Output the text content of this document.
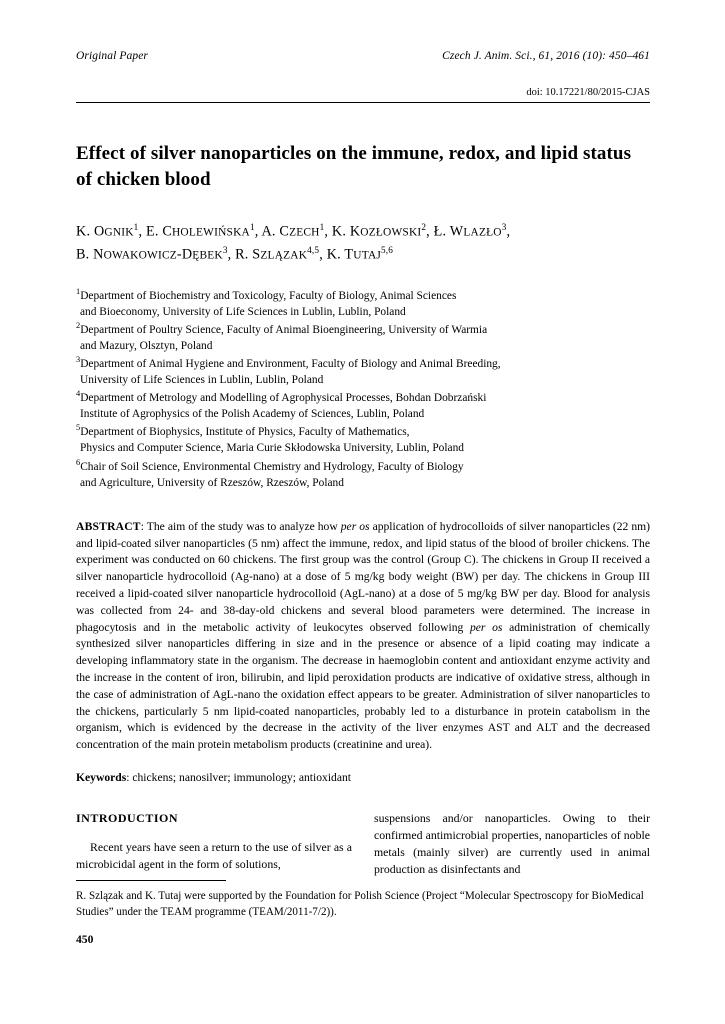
Original Paper	Czech J. Anim. Sci., 61, 2016 (10): 450–461
doi: 10.17221/80/2015-CJAS
Effect of silver nanoparticles on the immune, redox, and lipid status of chicken blood
K. OGNIK$^1$, E. CHOLEWIŃSKA$^1$, A. CZECH$^1$, K. KOZŁOWSKI$^2$, Ł. WLAZŁO$^3$,
B. NOWAKOWICZ-DĘBEK$^3$, R. SZLĄZAK$^{4,5}$, K. TUTAJ$^{5,6}$

$^1$Department of Biochemistry and Toxicology, Faculty of Biology, Animal Sciences
and Bioeconomy, University of Life Sciences in Lublin, Lublin, Poland

$^2$Department of Poultry Science, Faculty of Animal Bioengineering, University of Warmia
and Mazury, Olsztyn, Poland

$^3$Department of Animal Hygiene and Environment, Faculty of Biology and Animal Breeding,
University of Life Sciences in Lublin, Lublin, Poland

$^4$Department of Metrology and Modelling of Agrophysical Processes, Bohdan Dobrzański
Institute of Agrophysics of the Polish Academy of Sciences, Lublin, Poland

$^5$Department of Biophysics, Institute of Physics, Faculty of Mathematics,
Physics and Computer Science, Maria Curie Skłodowska University, Lublin, Poland

$^6$Chair of Soil Science, Environmental Chemistry and Hydrology, Faculty of Biology
and Agriculture, University of Rzeszów, Rzeszów, Poland

ABSTRACT: The aim of the study was to analyze how per os application of hydrocolloids of silver nanoparticles (22 nm) and lipid-coated silver nanoparticles (5 nm) affect the immune, redox, and lipid status of the blood of broiler chickens. The experiment was conducted on 60 chickens. The first group was the control (Group C). The chickens in Group II received a silver nanoparticle hydrocolloid (Ag-nano) at a dose of 5 mg/kg body weight (BW) per day. The chickens in Group III received a lipid-coated silver nanoparticle hydrocolloid (AgL-nano) at a dose of 5 mg/kg BW per day. Blood for analysis was collected from 24- and 38-day-old chickens and several blood parameters were determined. The increase in phagocytosis and in the metabolic activity of leukocytes observed following per os administration of chemically synthesized silver nanoparticles differing in size and in the presence or absence of a lipid coating may indicate a developing inflammatory state in the organism. The decrease in haemoglobin content and antioxidant enzyme activity and the increase in the content of iron, bilirubin, and lipid peroxidation products are indicative of oxidative stress, although in the case of administration of AgL-nano the oxidation effect appears to be greater. Administration of silver nanoparticles to the chickens, particularly 5 nm lipid-coated nanoparticles, probably led to a disturbance in protein catabolism in the organism, which is evidenced by the decrease in the activity of the liver enzymes AST and ALT and the decreased concentration of the main protein metabolism products (creatinine and urea).
Keywords: chickens; nanosilver; immunology; antioxidant
INTRODUCTION

Recent years have seen a return to the use of silver as a microbicidal agent in the form of solutions,

suspensions and/or nanoparticles. Owing to their confirmed antimicrobial properties, nanoparticles of noble metals (mainly silver) are currently used in animal production as disinfectants and

R. Szlązak and K. Tutaj were supported by the Foundation for Polish Science (Project “Molecular Spectroscopy for BioMedical Studies” under the TEAM programme (TEAM/2011-7/2)).
450
